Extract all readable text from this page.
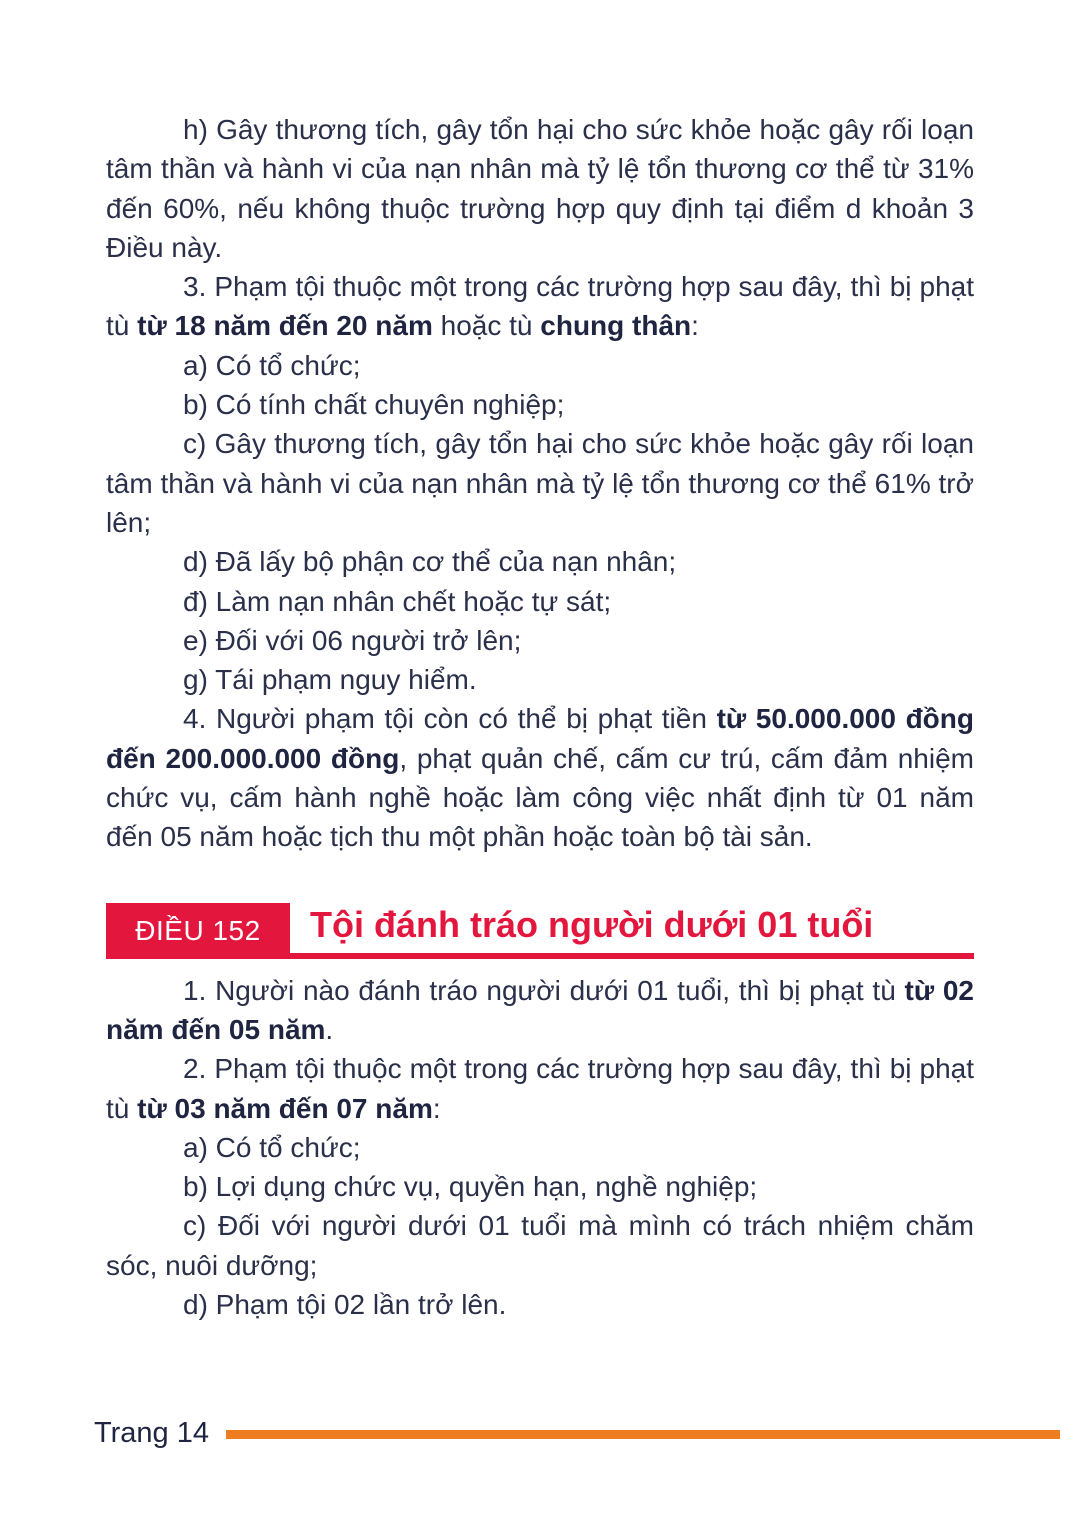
h) Gây thương tích, gây tổn hại cho sức khỏe hoặc gây rối loạn tâm thần và hành vi của nạn nhân mà tỷ lệ tổn thương cơ thể từ 31% đến 60%, nếu không thuộc trường hợp quy định tại điểm d khoản 3 Điều này.

3. Phạm tội thuộc một trong các trường hợp sau đây, thì bị phạt tù từ 18 năm đến 20 năm hoặc tù chung thân:

a) Có tổ chức;

b) Có tính chất chuyên nghiệp;

c) Gây thương tích, gây tổn hại cho sức khỏe hoặc gây rối loạn tâm thần và hành vi của nạn nhân mà tỷ lệ tổn thương cơ thể 61% trở lên;

d) Đã lấy bộ phận cơ thể của nạn nhân;

đ) Làm nạn nhân chết hoặc tự sát;

e) Đối với 06 người trở lên;

g) Tái phạm nguy hiểm.

4. Người phạm tội còn có thể bị phạt tiền từ 50.000.000 đồng đến 200.000.000 đồng, phạt quản chế, cấm cư trú, cấm đảm nhiệm chức vụ, cấm hành nghề hoặc làm công việc nhất định từ 01 năm đến 05 năm hoặc tịch thu một phần hoặc toàn bộ tài sản.

ĐIỀU 152	Tội đánh tráo người dưới 01 tuổi

1. Người nào đánh tráo người dưới 01 tuổi, thì bị phạt tù từ 02 năm đến 05 năm.

2. Phạm tội thuộc một trong các trường hợp sau đây, thì bị phạt tù từ 03 năm đến 07 năm:

a) Có tổ chức;

b) Lợi dụng chức vụ, quyền hạn, nghề nghiệp;

c) Đối với người dưới 01 tuổi mà mình có trách nhiệm chăm sóc, nuôi dưỡng;

d) Phạm tội 02 lần trở lên.

Trang 14
